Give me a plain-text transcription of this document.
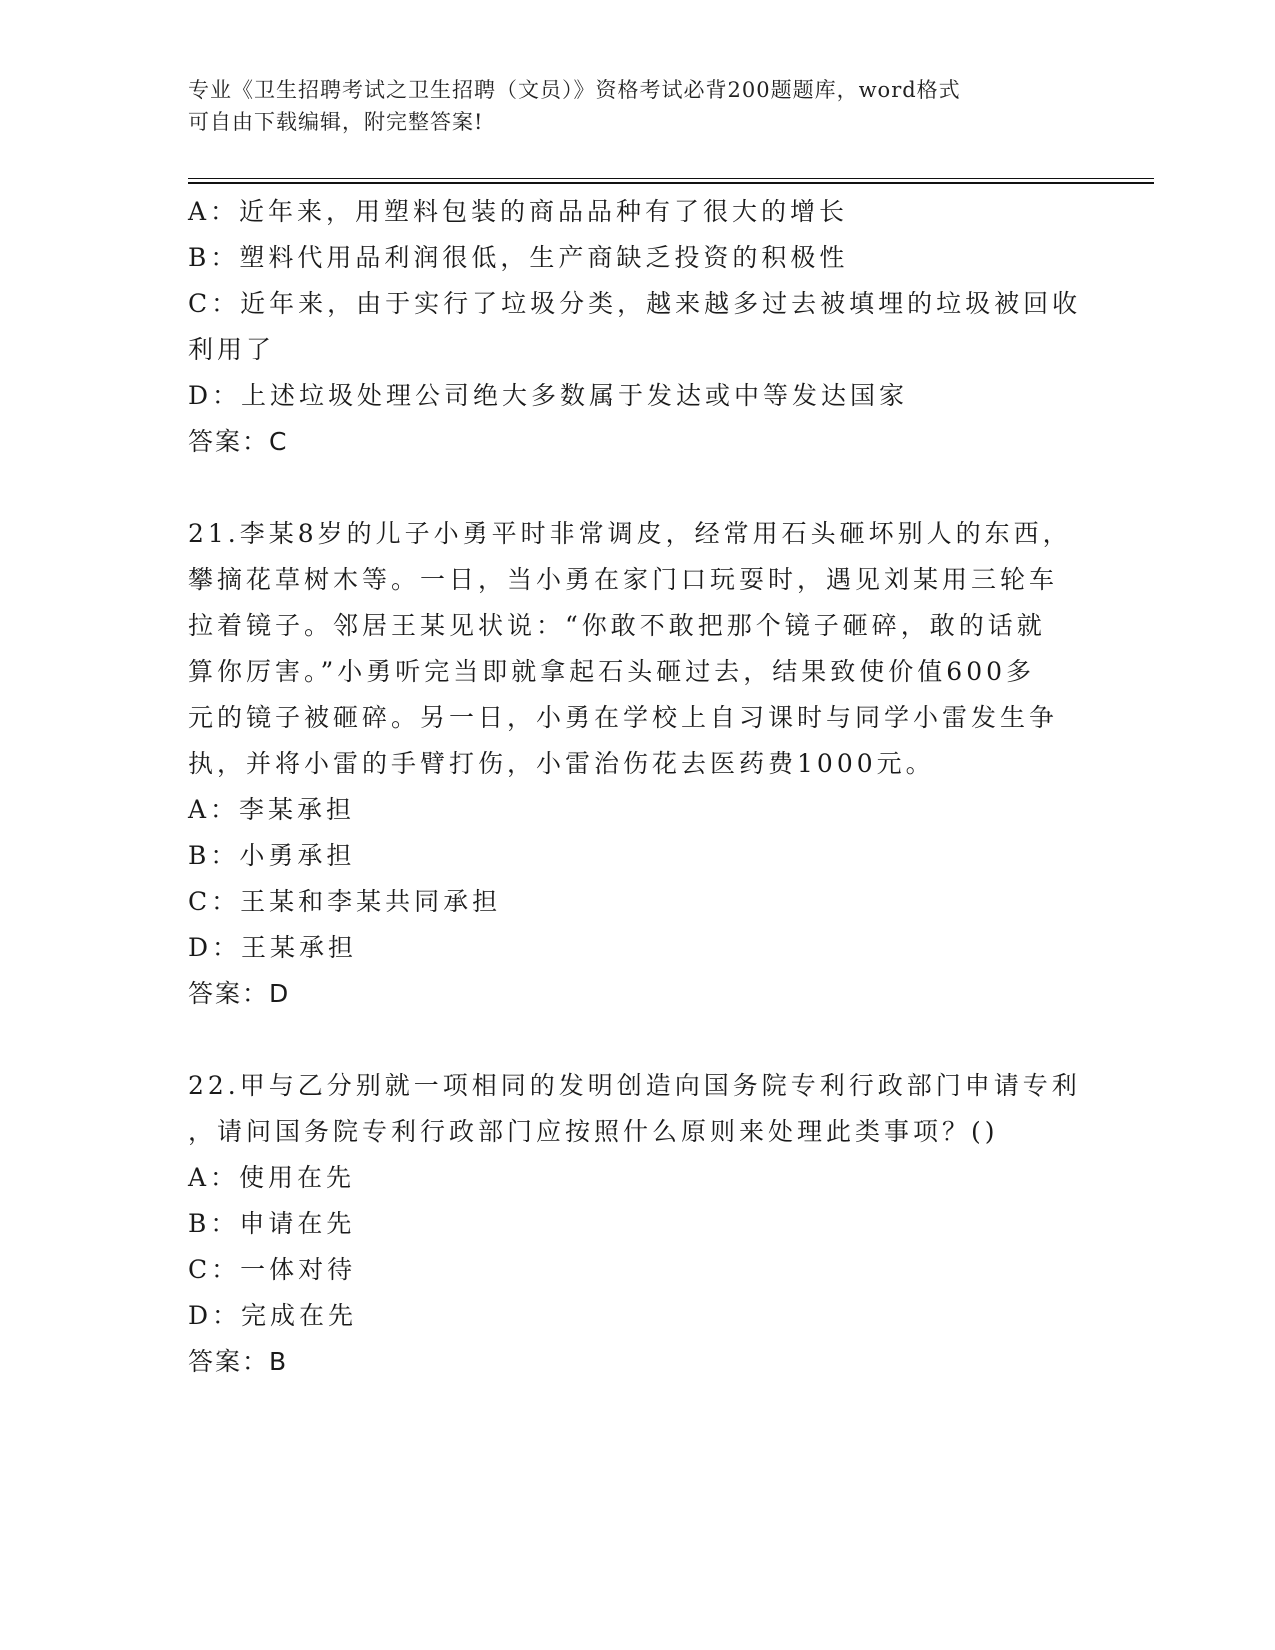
专业《卫生招聘考试之卫生招聘（文员）》资格考试必背200题题库，word格式
可自由下载编辑，附完整答案!
A：近年来，用塑料包装的商品品种有了很大的增长
B：塑料代用品利润很低，生产商缺乏投资的积极性
C：近年来，由于实行了垃圾分类，越来越多过去被填埋的垃圾被回收
利用了
D：上述垃圾处理公司绝大多数属于发达或中等发达国家
答案：C
21.李某8岁的儿子小勇平时非常调皮，经常用石头砸坏别人的东西，
攀摘花草树木等。一日，当小勇在家门口玩耍时，遇见刘某用三轮车
拉着镜子。邻居王某见状说：“你敢不敢把那个镜子砸碎，敢的话就
算你厉害。”小勇听完当即就拿起石头砸过去，结果致使价值600多
元的镜子被砸碎。另一日，小勇在学校上自习课时与同学小雷发生争
执，并将小雷的手臂打伤，小雷治伤花去医药费1000元。
A：李某承担
B：小勇承担
C：王某和李某共同承担
D：王某承担
答案：D
22.甲与乙分别就一项相同的发明创造向国务院专利行政部门申请专利
，请问国务院专利行政部门应按照什么原则来处理此类事项？()
A：使用在先
B：申请在先
C：一体对待
D：完成在先
答案：B
